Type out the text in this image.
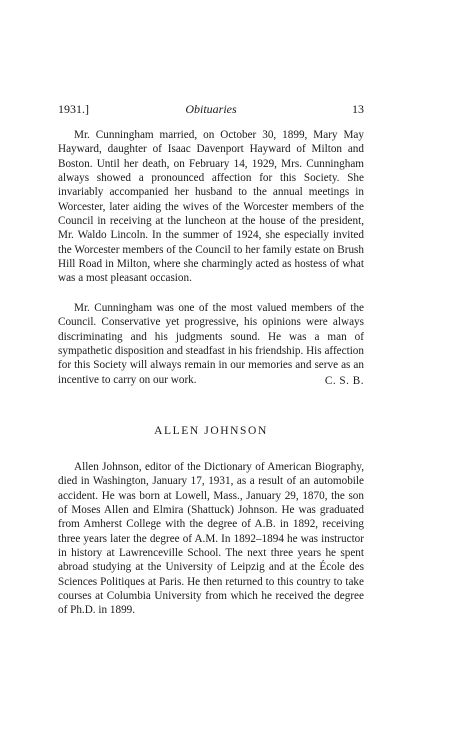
1931.]	Obituaries	13

Mr. Cunningham married, on October 30, 1899, Mary May Hayward, daughter of Isaac Davenport Hayward of Milton and Boston. Until her death, on February 14, 1929, Mrs. Cunningham always showed a pronounced affection for this Society. She invariably accompanied her husband to the annual meetings in Worcester, later aiding the wives of the Worcester members of the Council in receiving at the luncheon at the house of the president, Mr. Waldo Lincoln. In the summer of 1924, she especially invited the Worcester members of the Council to her family estate on Brush Hill Road in Milton, where she charmingly acted as hostess of what was a most pleasant occasion.

Mr. Cunningham was one of the most valued members of the Council. Conservative yet progressive, his opinions were always discriminating and his judgments sound. He was a man of sympathetic disposition and steadfast in his friendship. His affection for this Society will always remain in our memories and serve as an incentive to carry on our work.	C. S. B.
ALLEN JOHNSON

Allen Johnson, editor of the Dictionary of American Biography, died in Washington, January 17, 1931, as a result of an automobile accident. He was born at Lowell, Mass., January 29, 1870, the son of Moses Allen and Elmira (Shattuck) Johnson. He was graduated from Amherst College with the degree of A.B. in 1892, receiving three years later the degree of A.M. In 1892–1894 he was instructor in history at Lawrenceville School. The next three years he spent abroad studying at the University of Leipzig and at the École des Sciences Politiques at Paris. He then returned to this country to take courses at Columbia University from which he received the degree of Ph.D. in 1899.
